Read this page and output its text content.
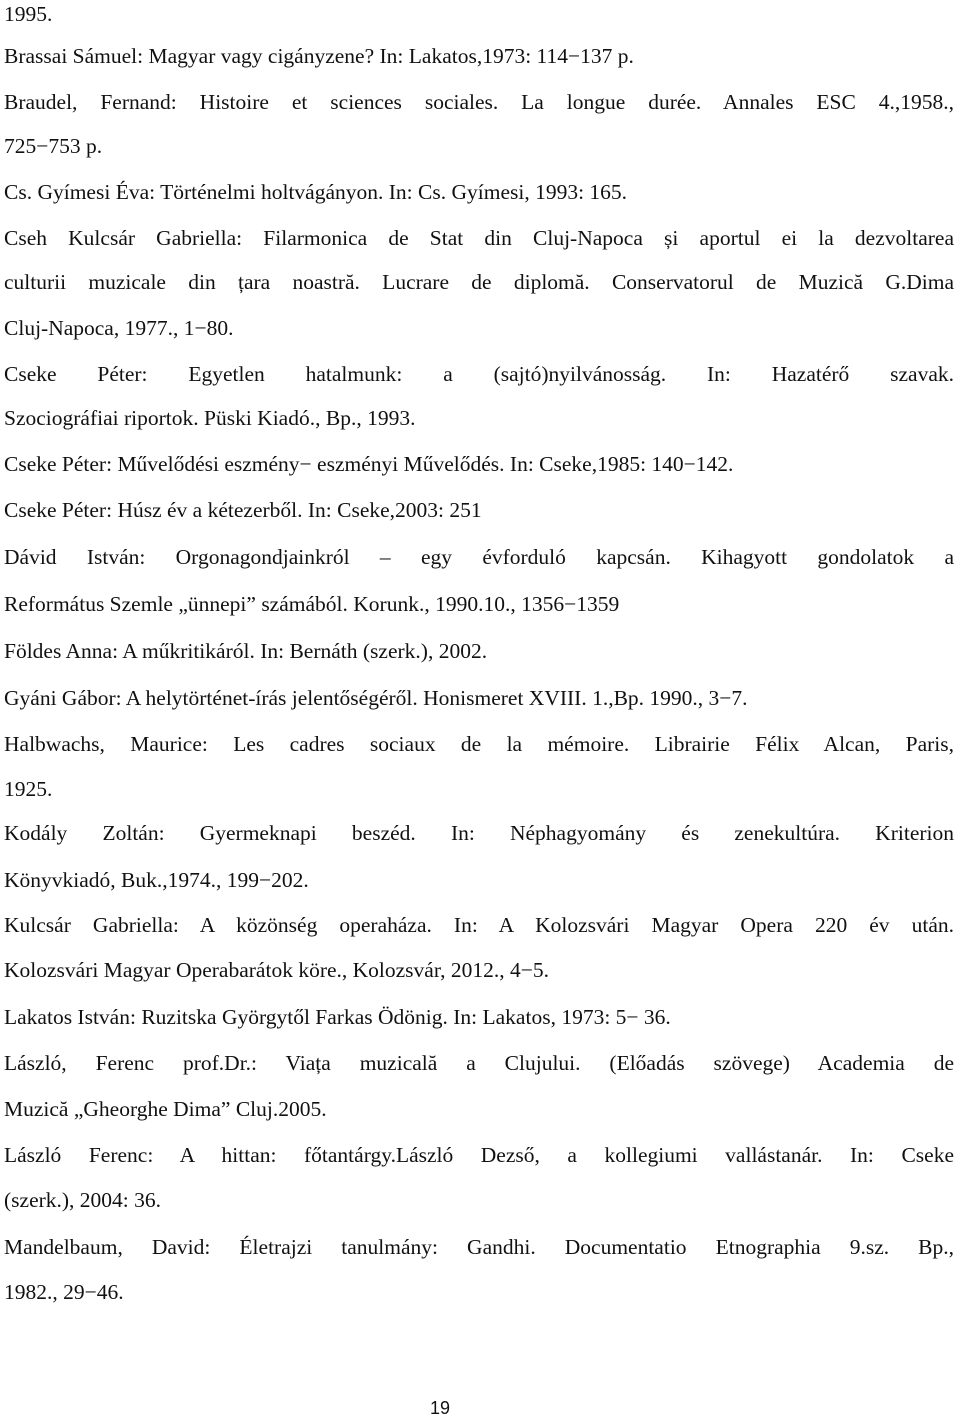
1995.
Brassai Sámuel: Magyar vagy cigányzene? In: Lakatos,1973: 114−137 p.
Braudel, Fernand: Histoire et sciences sociales. La longue durée. Annales ESC 4.,1958.,
725−753 p.
Cs. Gyímesi Éva: Történelmi holtvágányon. In: Cs. Gyímesi, 1993: 165.
Cseh Kulcsár Gabriella: Filarmonica de Stat din Cluj-Napoca și aportul ei la dezvoltarea
culturii muzicale din țara noastră. Lucrare de diplomă. Conservatorul de Muzică G.Dima
Cluj-Napoca, 1977., 1−80.
Cseke Péter: Egyetlen hatalmunk: a (sajtó)nyilvánosság. In: Hazatérő szavak.
Szociográfiai riportok. Püski Kiadó., Bp., 1993.
Cseke Péter: Művelődési eszmény− eszményi Művelődés. In: Cseke,1985: 140−142.
Cseke Péter: Húsz év a kétezerből. In: Cseke,2003: 251
Dávid István: Orgonagondjainkról – egy évforduló kapcsán. Kihagyott gondolatok a
Református Szemle „ünnepi” számából. Korunk., 1990.10., 1356−1359
Földes Anna: A műkritikáról. In: Bernáth (szerk.), 2002.
Gyáni Gábor: A helytörténet-írás jelentőségéről. Honismeret XVIII. 1.,Bp. 1990., 3−7.
Halbwachs, Maurice: Les cadres sociaux de la mémoire. Librairie Félix Alcan, Paris,
1925.
Kodály Zoltán: Gyermeknapi beszéd. In: Néphagyomány és zenekultúra. Kriterion
Könyvkiadó, Buk.,1974., 199−202.
Kulcsár Gabriella: A közönség operaháza. In: A Kolozsvári Magyar Opera 220 év után.
Kolozsvári Magyar Operabarátok köre., Kolozsvár, 2012., 4−5.
Lakatos István: Ruzitska Györgytől Farkas Ödönig. In: Lakatos, 1973: 5− 36.
László, Ferenc prof.Dr.: Viața muzicală a Clujului. (Előadás szövege) Academia de
Muzică „Gheorghe Dima” Cluj.2005.
László Ferenc: A hittan: főtantárgy.László Dezső, a kollegiumi vallástanár. In: Cseke
(szerk.), 2004: 36.
Mandelbaum, David: Életrajzi tanulmány: Gandhi. Documentatio Etnographia 9.sz. Bp.,
1982., 29−46.
19
